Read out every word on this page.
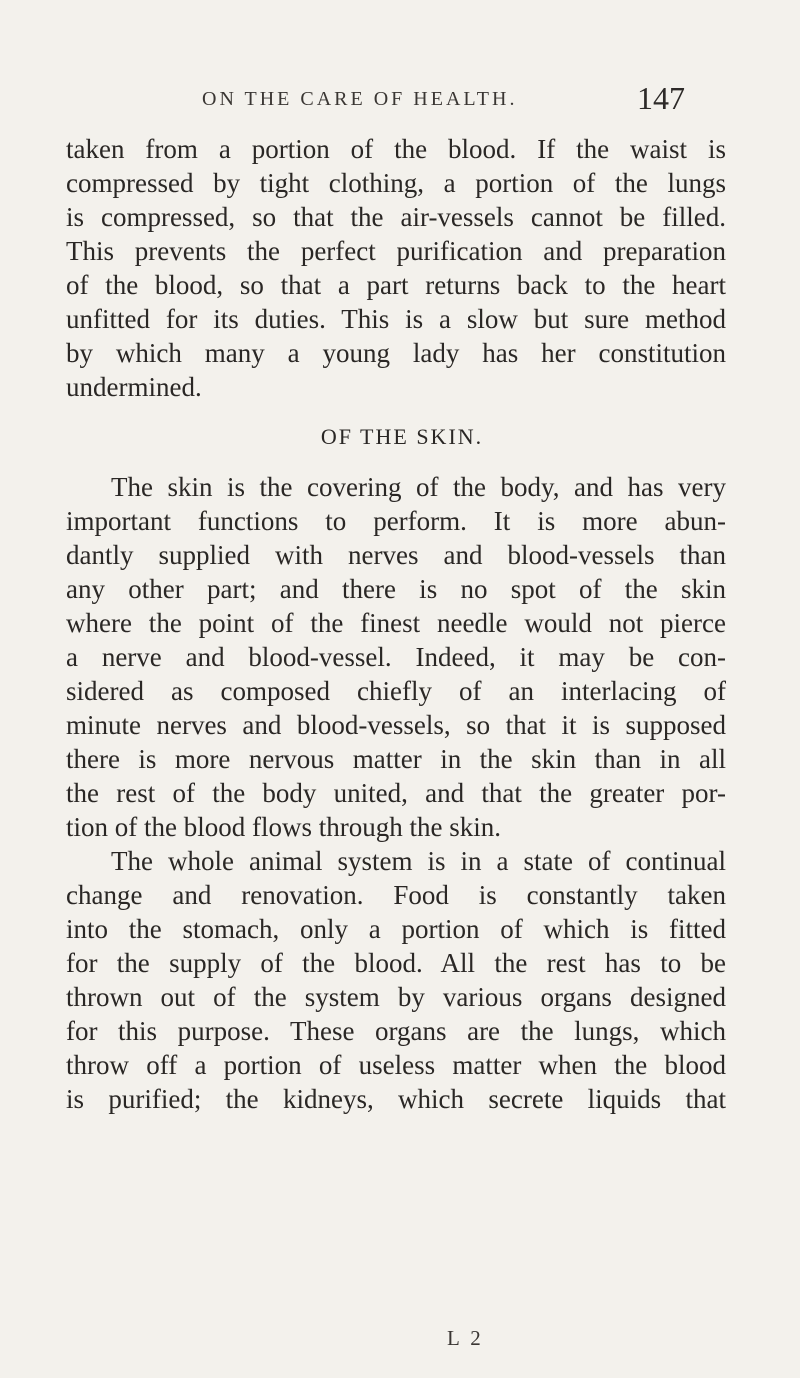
ON THE CARE OF HEALTH.	147
taken from a portion of the blood. If the waist is
compressed by tight clothing, a portion of the lungs
is compressed, so that the air-vessels cannot be filled.
This prevents the perfect purification and preparation
of the blood, so that a part returns back to the heart
unfitted for its duties. This is a slow but sure method
by which many a young lady has her constitution
undermined.
OF THE SKIN.
The skin is the covering of the body, and has very
important functions to perform. It is more abun-
dantly supplied with nerves and blood-vessels than
any other part; and there is no spot of the skin
where the point of the finest needle would not pierce
a nerve and blood-vessel. Indeed, it may be con-
sidered as composed chiefly of an interlacing of
minute nerves and blood-vessels, so that it is supposed
there is more nervous matter in the skin than in all
the rest of the body united, and that the greater por-
tion of the blood flows through the skin.
The whole animal system is in a state of continual
change and renovation. Food is constantly taken
into the stomach, only a portion of which is fitted
for the supply of the blood. All the rest has to be
thrown out of the system by various organs designed
for this purpose. These organs are the lungs, which
throw off a portion of useless matter when the blood
is purified; the kidneys, which secrete liquids that
L 2
